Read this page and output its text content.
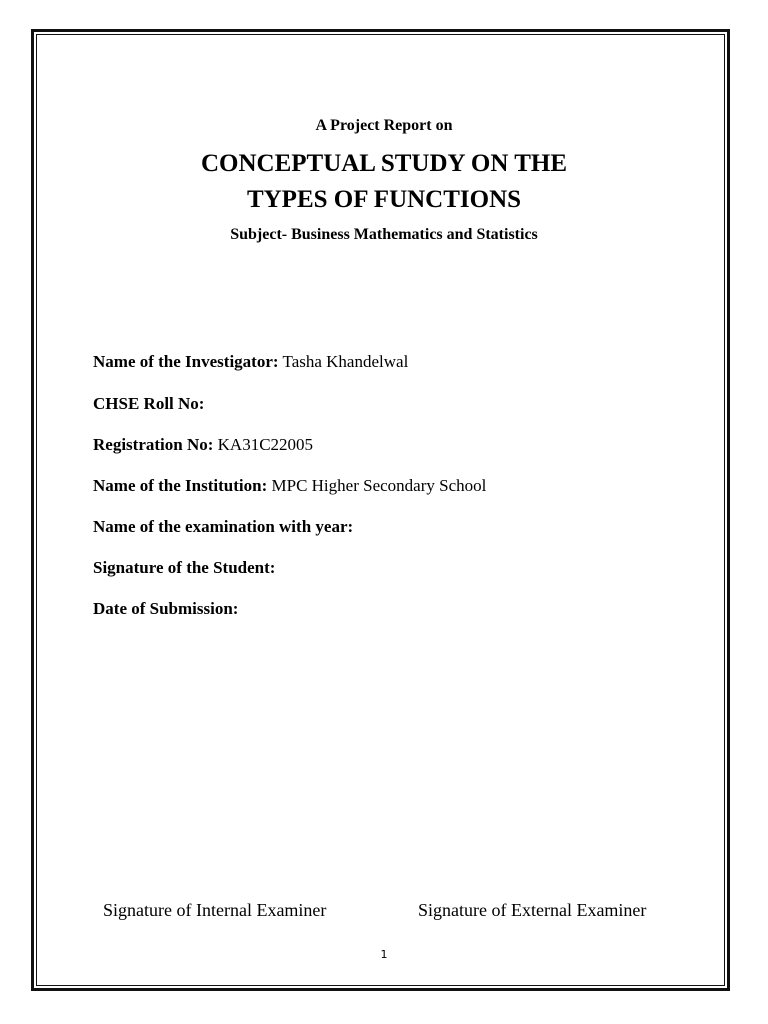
A Project Report on
CONCEPTUAL STUDY ON THE
TYPES OF FUNCTIONS
Subject- Business Mathematics and Statistics
Name of the Investigator: Tasha Khandelwal
CHSE Roll No:
Registration No: KA31C22005
Name of the Institution: MPC Higher Secondary School
Name of the examination with year:
Signature of the Student:
Date of Submission:
Signature of Internal Examiner	Signature of External Examiner
1
